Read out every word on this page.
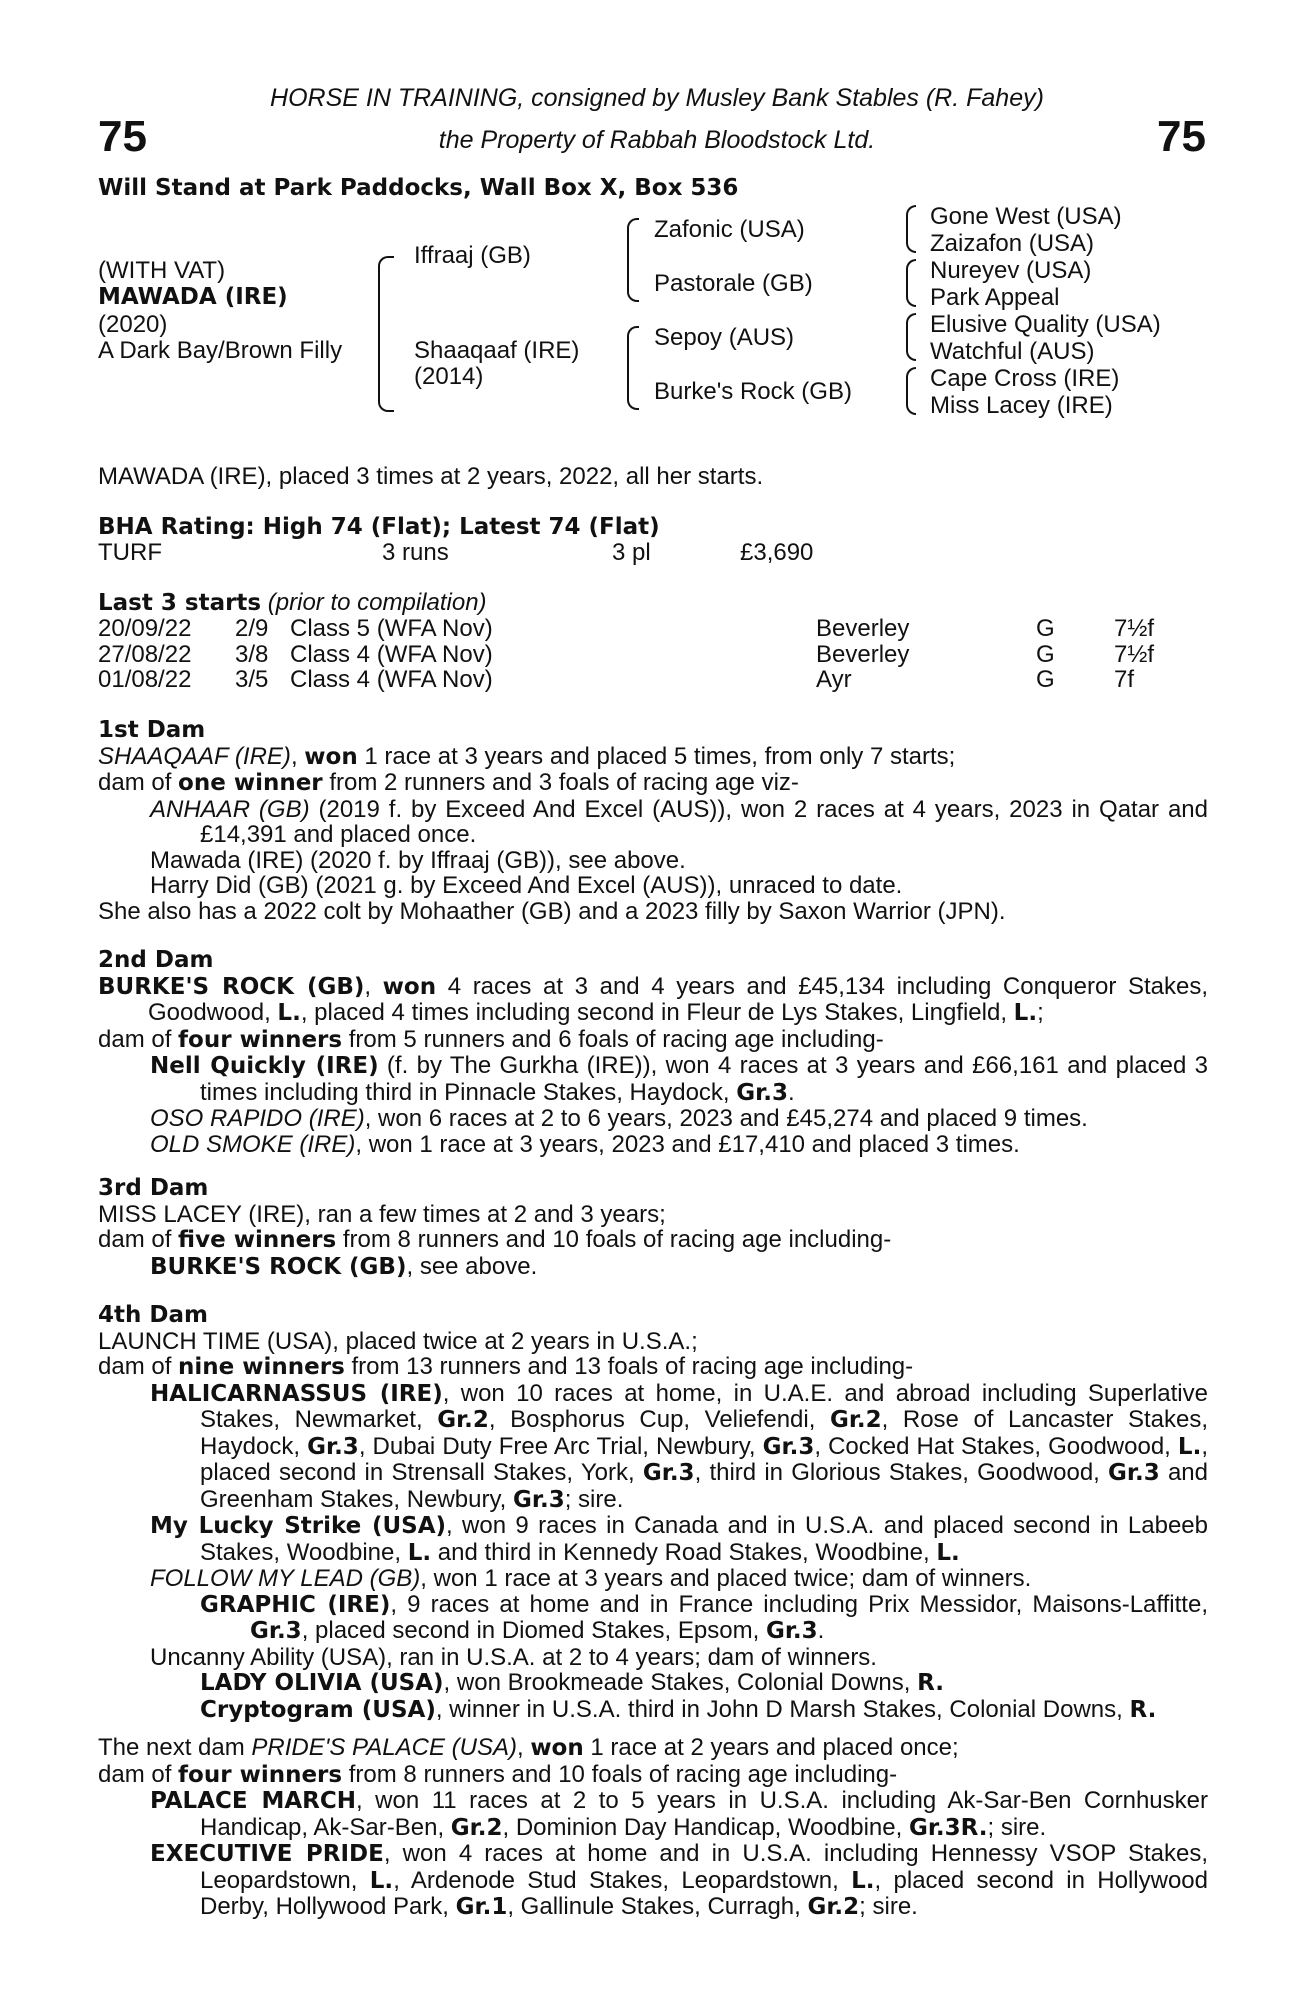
75	75
HORSE IN TRAINING, consigned by Musley Bank Stables (R. Fahey)
the Property of Rabbah Bloodstock Ltd.
Will Stand at Park Paddocks, Wall Box X, Box 536
(WITH VAT)
MAWADA (IRE)
(2020)
A Dark Bay/Brown Filly
Iffraaj (GB)
Shaaqaaf (IRE)
(2014)
Zafonic (USA)
Pastorale (GB)
Sepoy (AUS)
Burke's Rock (GB)
Gone West (USA)
Zaizafon (USA)
Nureyev (USA)
Park Appeal
Elusive Quality (USA)
Watchful (AUS)
Cape Cross (IRE)
Miss Lacey (IRE)
MAWADA (IRE), placed 3 times at 2 years, 2022, all her starts.
BHA Rating: High 74 (Flat); Latest 74 (Flat)
TURF	3 runs	3 pl	£3,690
Last 3 starts (prior to compilation)
20/09/22	2/9	Class 5 (WFA Nov)	Beverley	G	7½f
27/08/22	3/8	Class 4 (WFA Nov)	Beverley	G	7½f
01/08/22	3/5	Class 4 (WFA Nov)	Ayr	G	7f

1st Dam

SHAAQAAF (IRE), won 1 race at 3 years and placed 5 times, from only 7 starts;

dam of one winner from 2 runners and 3 foals of racing age viz-

ANHAAR (GB) (2019 f. by Exceed And Excel (AUS)), won 2 races at 4 years, 2023 in Qatar and £14,391 and placed once.

Mawada (IRE) (2020 f. by Iffraaj (GB)), see above.

Harry Did (GB) (2021 g. by Exceed And Excel (AUS)), unraced to date.

She also has a 2022 colt by Mohaather (GB) and a 2023 filly by Saxon Warrior (JPN).

2nd Dam

BURKE'S ROCK (GB), won 4 races at 3 and 4 years and £45,134 including Conqueror Stakes, Goodwood, L., placed 4 times including second in Fleur de Lys Stakes, Lingfield, L.;

dam of four winners from 5 runners and 6 foals of racing age including-

Nell Quickly (IRE) (f. by The Gurkha (IRE)), won 4 races at 3 years and £66,161 and placed 3 times including third in Pinnacle Stakes, Haydock, Gr.3.

OSO RAPIDO (IRE), won 6 races at 2 to 6 years, 2023 and £45,274 and placed 9 times.

OLD SMOKE (IRE), won 1 race at 3 years, 2023 and £17,410 and placed 3 times.

3rd Dam

MISS LACEY (IRE), ran a few times at 2 and 3 years;

dam of five winners from 8 runners and 10 foals of racing age including-

BURKE'S ROCK (GB), see above.

4th Dam

LAUNCH TIME (USA), placed twice at 2 years in U.S.A.;

dam of nine winners from 13 runners and 13 foals of racing age including-

HALICARNASSUS (IRE), won 10 races at home, in U.A.E. and abroad including Superlative Stakes, Newmarket, Gr.2, Bosphorus Cup, Veliefendi, Gr.2, Rose of Lancaster Stakes, Haydock, Gr.3, Dubai Duty Free Arc Trial, Newbury, Gr.3, Cocked Hat Stakes, Goodwood, L., placed second in Strensall Stakes, York, Gr.3, third in Glorious Stakes, Goodwood, Gr.3 and Greenham Stakes, Newbury, Gr.3; sire.

My Lucky Strike (USA), won 9 races in Canada and in U.S.A. and placed second in Labeeb Stakes, Woodbine, L. and third in Kennedy Road Stakes, Woodbine, L.

FOLLOW MY LEAD (GB), won 1 race at 3 years and placed twice; dam of winners.

GRAPHIC (IRE), 9 races at home and in France including Prix Messidor, Maisons-Laffitte, Gr.3, placed second in Diomed Stakes, Epsom, Gr.3.

Uncanny Ability (USA), ran in U.S.A. at 2 to 4 years; dam of winners.

LADY OLIVIA (USA), won Brookmeade Stakes, Colonial Downs, R.

Cryptogram (USA), winner in U.S.A. third in John D Marsh Stakes, Colonial Downs, R.

The next dam PRIDE'S PALACE (USA), won 1 race at 2 years and placed once;

dam of four winners from 8 runners and 10 foals of racing age including-

PALACE MARCH, won 11 races at 2 to 5 years in U.S.A. including Ak-Sar-Ben Cornhusker Handicap, Ak-Sar-Ben, Gr.2, Dominion Day Handicap, Woodbine, Gr.3R.; sire.

EXECUTIVE PRIDE, won 4 races at home and in U.S.A. including Hennessy VSOP Stakes, Leopardstown, L., Ardenode Stud Stakes, Leopardstown, L., placed second in Hollywood Derby, Hollywood Park, Gr.1, Gallinule Stakes, Curragh, Gr.2; sire.
